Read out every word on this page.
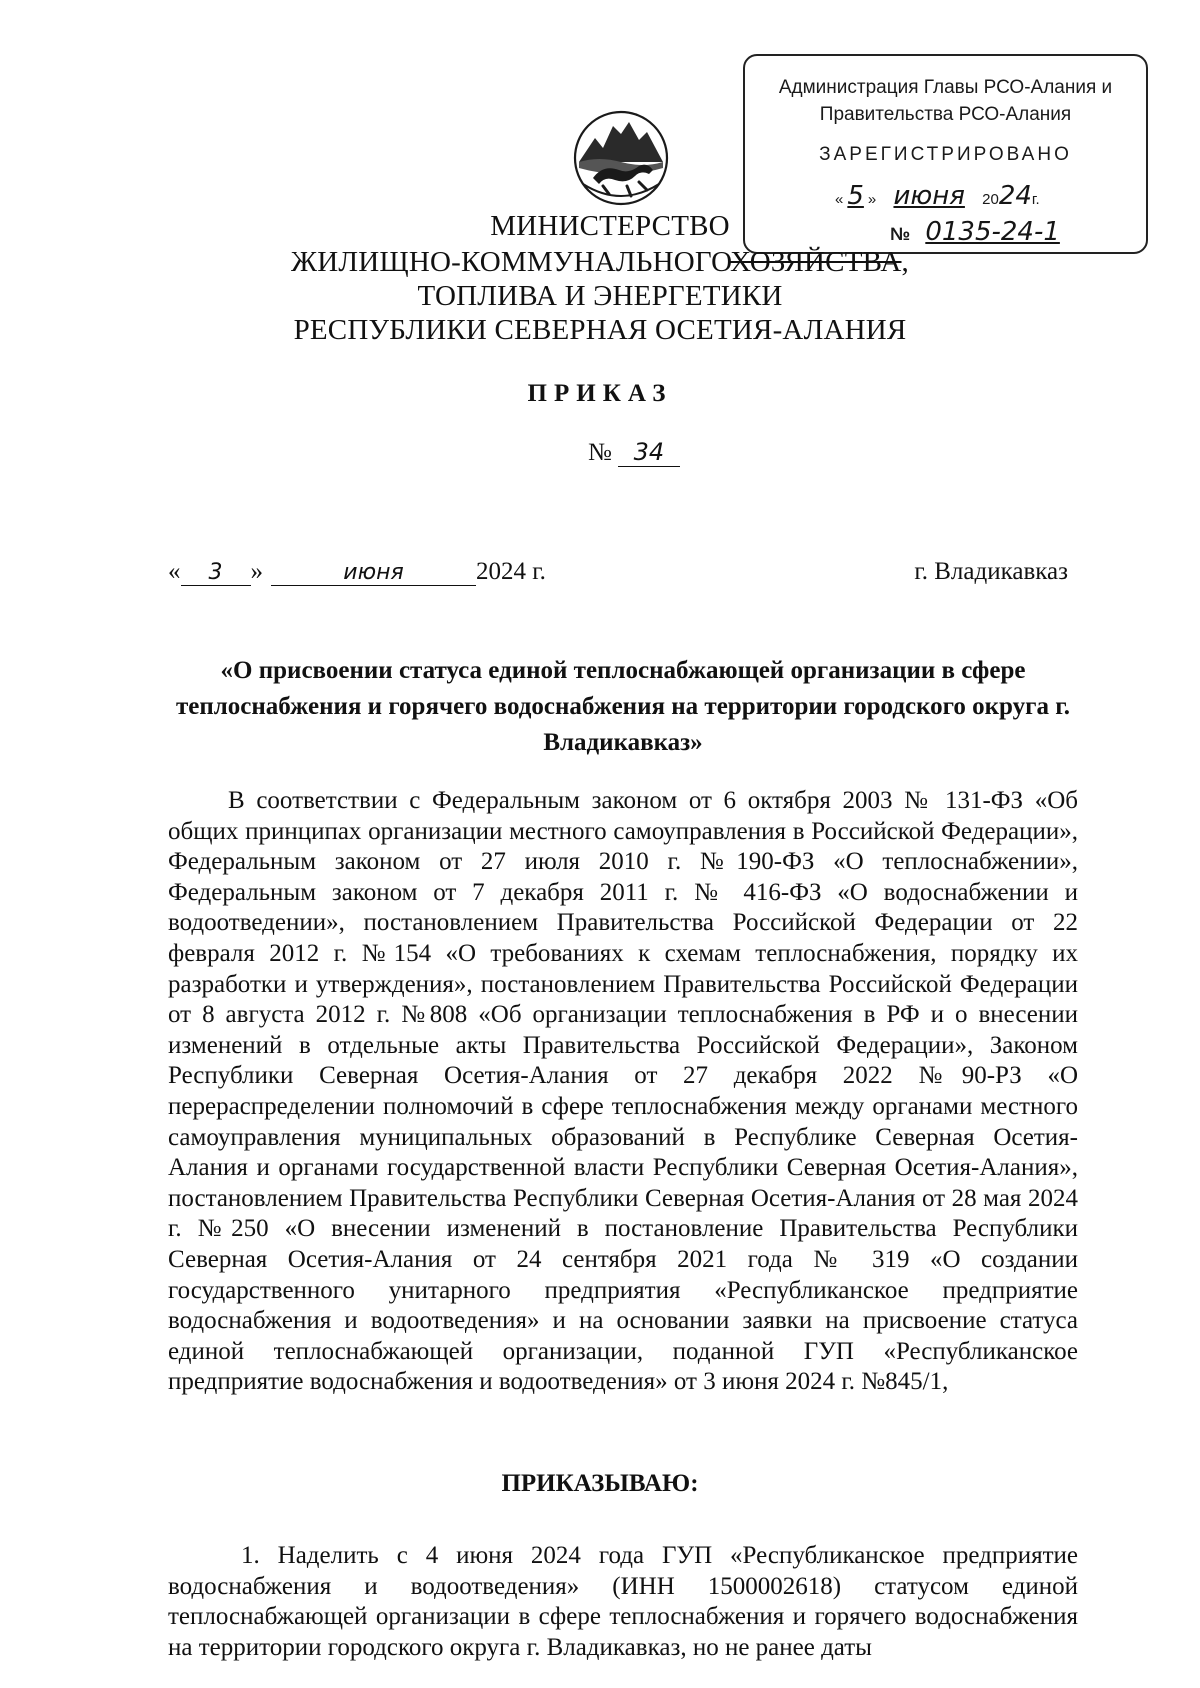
Администрация Главы РСО-Алания и
Правительства РСО-Алания
ЗАРЕГИСТРИРОВАНО
« 5 » июня 2024г.
№ 0135-24-1
МИНИСТЕРСТВО
ЖИЛИЩНО-КОММУНАЛЬНОГОХОЗЯЙСТВА,
ТОПЛИВА И ЭНЕРГЕТИКИ
РЕСПУБЛИКИ СЕВЕРНАЯ ОСЕТИЯ-АЛАНИЯ
ПРИКАЗ
№ 34
« 3 »	июня	2024 г.	г. Владикавказ
«О присвоении статуса единой теплоснабжающей организации в сфере теплоснабжения и горячего водоснабжения на территории городского округа г. Владикавказ»
В соответствии с Федеральным законом от 6 октября 2003 № 131-ФЗ «Об общих принципах организации местного самоуправления в Российской Федерации», Федеральным законом от 27 июля 2010 г. №190-ФЗ «О теплоснабжении», Федеральным законом от 7 декабря 2011 г. № 416-ФЗ «О водоснабжении и водоотведении», постановлением Правительства Российской Федерации от 22 февраля 2012 г. №154 «О требованиях к схемам теплоснабжения, порядку их разработки и утверждения», постановлением Правительства Российской Федерации от 8 августа 2012 г. №808 «Об организации теплоснабжения в РФ и о внесении изменений в отдельные акты Правительства Российской Федерации», Законом Республики Северная Осетия-Алания от 27 декабря 2022 №90-РЗ «О перераспределении полномочий в сфере теплоснабжения между органами местного самоуправления муниципальных образований в Республике Северная Осетия-Алания и органами государственной власти Республики Северная Осетия-Алания», постановлением Правительства Республики Северная Осетия-Алания от 28 мая 2024 г. №250 «О внесении изменений в постановление Правительства Республики Северная Осетия-Алания от 24 сентября 2021 года № 319 «О создании государственного унитарного предприятия «Республиканское предприятие водоснабжения и водоотведения» и на основании заявки на присвоение статуса единой теплоснабжающей организации, поданной ГУП «Республиканское предприятие водоснабжения и водоотведения» от 3 июня 2024 г. №845/1,
ПРИКАЗЫВАЮ:
1. Наделить с 4 июня 2024 года ГУП «Республиканское предприятие водоснабжения и водоотведения» (ИНН 1500002618) статусом единой теплоснабжающей организации в сфере теплоснабжения и горячего водоснабжения на территории городского округа г. Владикавказ, но не ранее даты
